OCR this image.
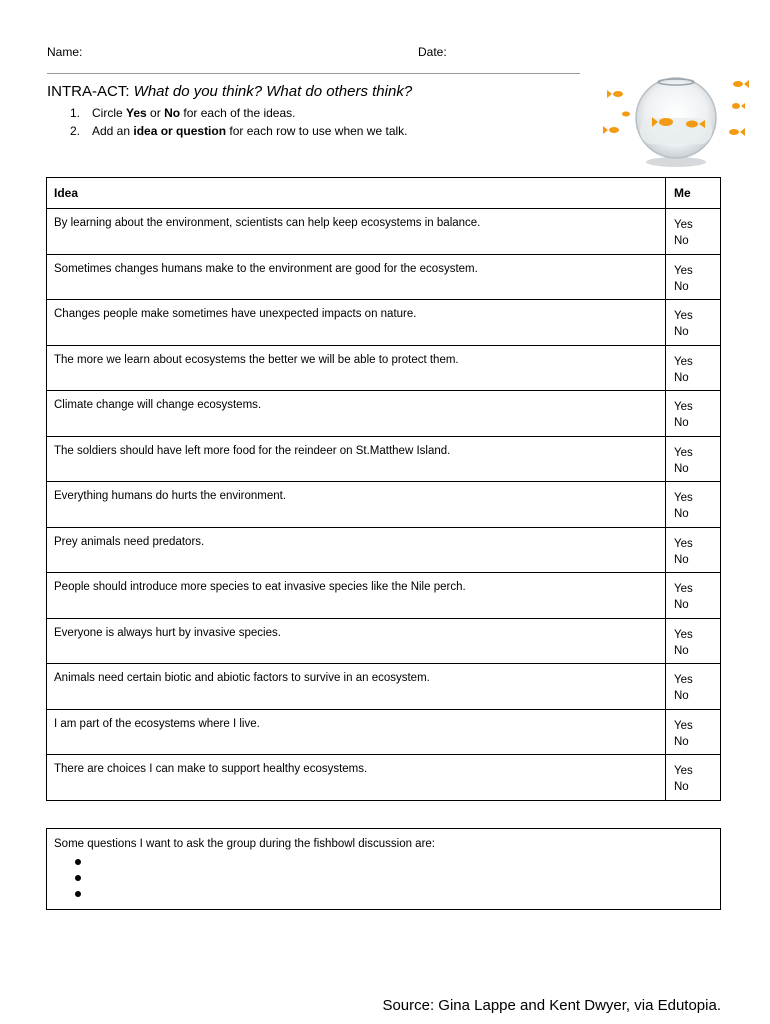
Name:	Date:
INTRA-ACT: What do you think? What do others think?
1. Circle Yes or No for each of the ideas.
2. Add an idea or question for each row to use when we talk.
Idea	Me
By learning about the environment, scientists can help keep ecosystems in balance.	Yes
No

Sometimes changes humans make to the environment are good for the ecosystem.	Yes
No

Changes people make sometimes have unexpected impacts on nature.	Yes
No

The more we learn about ecosystems the better we will be able to protect them.	Yes
No

Climate change will change ecosystems.	Yes
No

The soldiers should have left more food for the reindeer on St.Matthew Island.	Yes
No

Everything humans do hurts the environment.	Yes
No

Prey animals need predators.	Yes
No

People should introduce more species to eat invasive species like the Nile perch.	Yes
No

Everyone is always hurt by invasive species.	Yes
No

Animals need certain biotic and abiotic factors to survive in an ecosystem.	Yes
No

I am part of the ecosystems where I live.	Yes
No

There are choices I can make to support healthy ecosystems.	Yes
No
Some questions I want to ask the group during the fishbowl discussion are:
Source: Gina Lappe and Kent Dwyer, via Edutopia.
